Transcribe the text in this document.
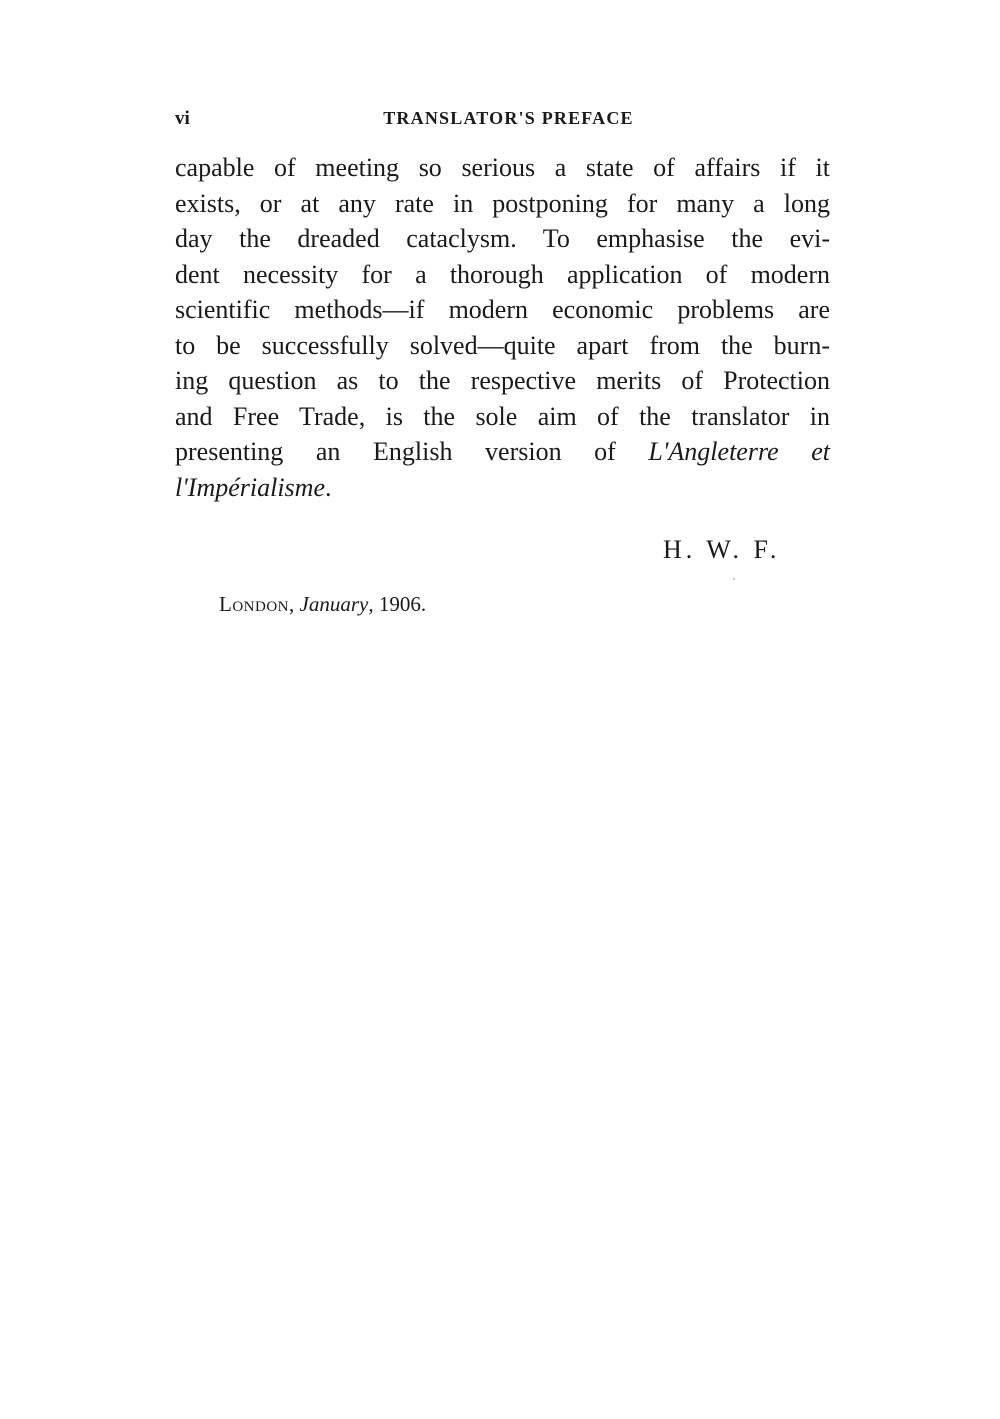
vi	TRANSLATOR'S PREFACE
capable of meeting so serious a state of affairs if it
exists, or at any rate in postponing for many a long
day the dreaded cataclysm. To emphasise the evi-
dent necessity for a thorough application of modern
scientific methods—if modern economic problems are
to be successfully solved—quite apart from the burn-
ing question as to the respective merits of Protection
and Free Trade, is the sole aim of the translator in
presenting an English version of L'Angleterre et
l'Impérialisme.
H. W. F.
London, January, 1906.
